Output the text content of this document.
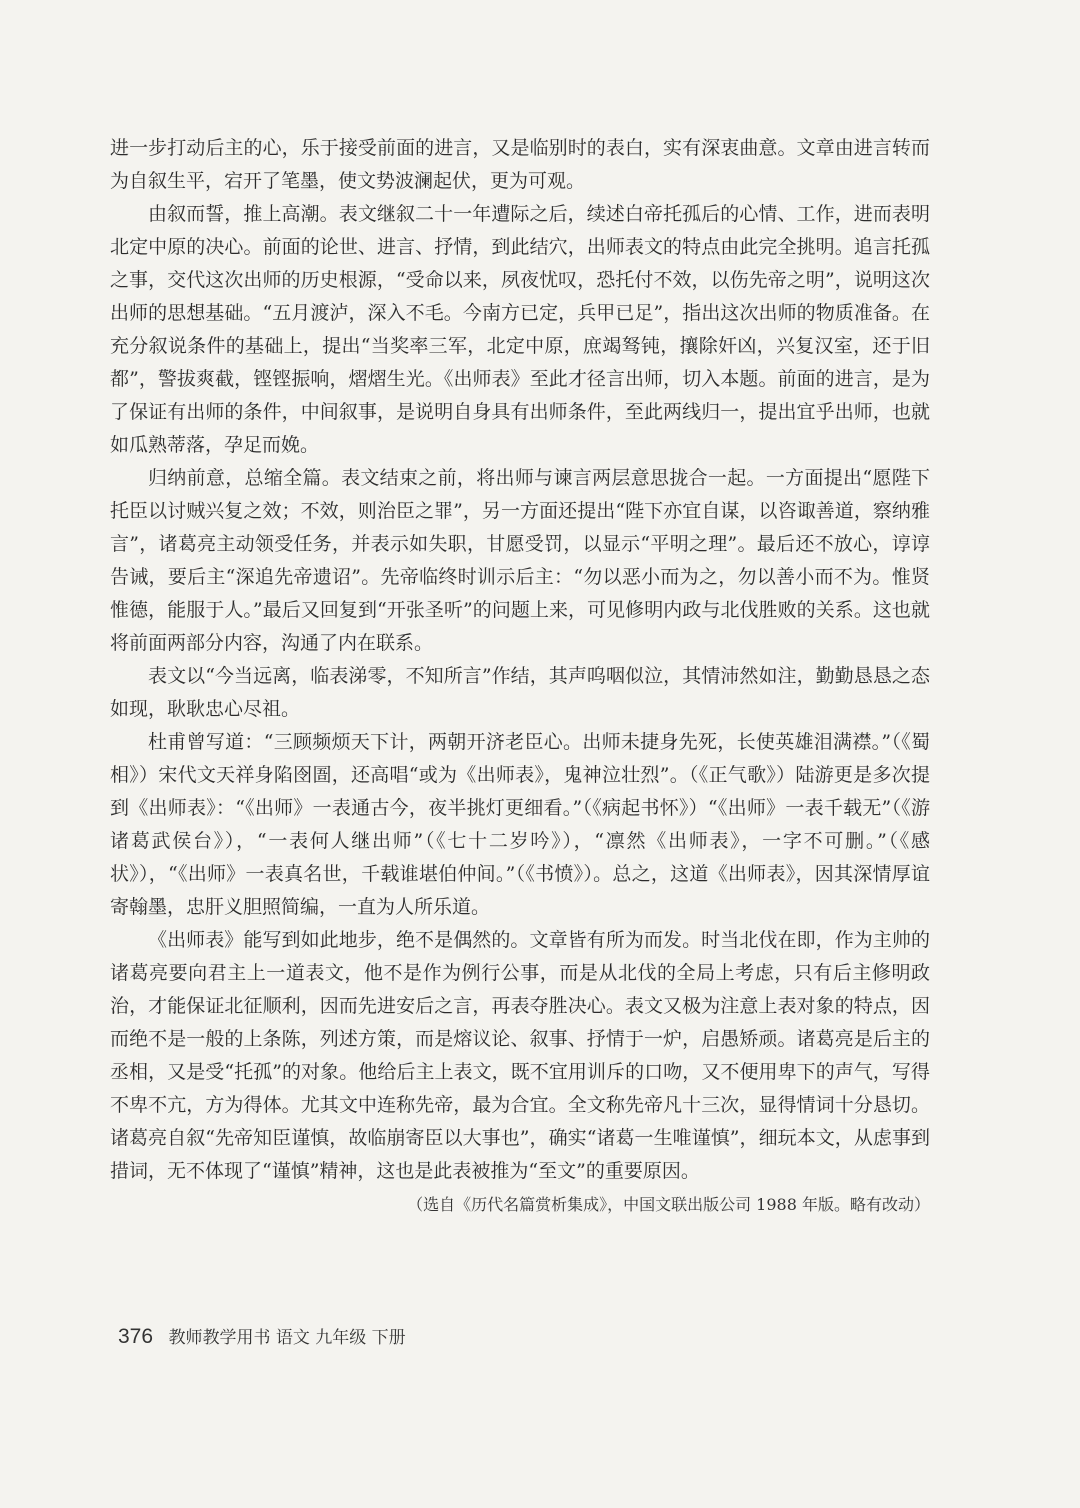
进一步打动后主的心，乐于接受前面的进言，又是临别时的表白，实有深衷曲意。文章由进言转而为自叙生平，宕开了笔墨，使文势波澜起伏，更为可观。

由叙而誓，推上高潮。表文继叙二十一年遭际之后，续述白帝托孤后的心情、工作，进而表明北定中原的决心。前面的论世、进言、抒情，到此结穴，出师表文的特点由此完全挑明。追言托孤之事，交代这次出师的历史根源，“受命以来，夙夜忧叹，恐托付不效，以伤先帝之明”，说明这次出师的思想基础。“五月渡泸，深入不毛。今南方已定，兵甲已足”，指出这次出师的物质准备。在充分叙说条件的基础上，提出“当奖率三军，北定中原，庶竭驽钝，攘除奸凶，兴复汉室，还于旧都”，警拔爽截，铿铿振响，熠熠生光。《出师表》至此才径言出师，切入本题。前面的进言，是为了保证有出师的条件，中间叙事，是说明自身具有出师条件，至此两线归一，提出宜乎出师，也就如瓜熟蒂落，孕足而娩。

归纳前意，总缩全篇。表文结束之前，将出师与谏言两层意思拢合一起。一方面提出“愿陛下托臣以讨贼兴复之效；不效，则治臣之罪”，另一方面还提出“陛下亦宜自谋，以咨诹善道，察纳雅言”，诸葛亮主动领受任务，并表示如失职，甘愿受罚，以显示“平明之理”。最后还不放心，谆谆告诫，要后主“深追先帝遗诏”。先帝临终时训示后主：“勿以恶小而为之，勿以善小而不为。惟贤惟德，能服于人。”最后又回复到“开张圣听”的问题上来，可见修明内政与北伐胜败的关系。这也就将前面两部分内容，沟通了内在联系。

表文以“今当远离，临表涕零，不知所言”作结，其声呜咽似泣，其情沛然如注，勤勤恳恳之态如现，耿耿忠心尽祖。

杜甫曾写道：“三顾频烦天下计，两朝开济老臣心。出师未捷身先死，长使英雄泪满襟。”（《蜀相》）宋代文天祥身陷囹圄，还高唱“或为《出师表》，鬼神泣壮烈”。（《正气歌》）陆游更是多次提到《出师表》：“《出师》一表通古今，夜半挑灯更细看。”（《病起书怀》）“《出师》一表千载无”（《游诸葛武侯台》），“一表何人继出师”（《七十二岁吟》），“凛然《出师表》，一字不可删。”（《感状》），“《出师》一表真名世，千载谁堪伯仲间。”（《书愤》）。总之，这道《出师表》，因其深情厚谊寄翰墨，忠肝义胆照简编，一直为人所乐道。

《出师表》能写到如此地步，绝不是偶然的。文章皆有所为而发。时当北伐在即，作为主帅的诸葛亮要向君主上一道表文，他不是作为例行公事，而是从北伐的全局上考虑，只有后主修明政治，才能保证北征顺利，因而先进安后之言，再表夺胜决心。表文又极为注意上表对象的特点，因而绝不是一般的上条陈，列述方策，而是熔议论、叙事、抒情于一炉，启愚矫顽。诸葛亮是后主的丞相，又是受“托孤”的对象。他给后主上表文，既不宜用训斥的口吻，又不便用卑下的声气，写得不卑不亢，方为得体。尤其文中连称先帝，最为合宜。全文称先帝凡十三次，显得情词十分恳切。诸葛亮自叙“先帝知臣谨慎，故临崩寄臣以大事也”，确实“诸葛一生唯谨慎”，细玩本文，从虑事到措词，无不体现了“谨慎”精神，这也是此表被推为“至文”的重要原因。

（选自《历代名篇赏析集成》，中国文联出版公司 1988 年版。略有改动）
376 教师教学用书 语文 九年级 下册
